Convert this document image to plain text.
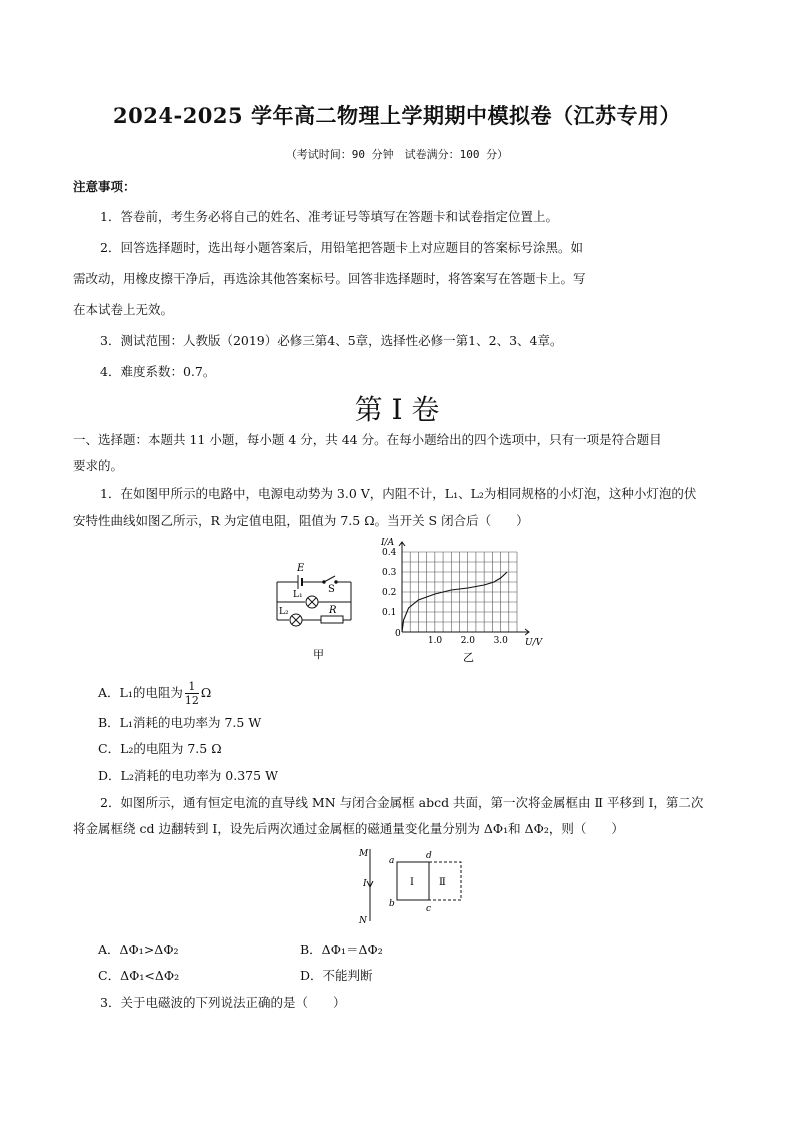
2024-2025 学年高二物理上学期期中模拟卷（江苏专用）
（考试时间：90 分钟　试卷满分：100 分）
注意事项：
1．答卷前，考生务必将自己的姓名、准考证号等填写在答题卡和试卷指定位置上。
2．回答选择题时，选出每小题答案后，用铅笔把答题卡上对应题目的答案标号涂黑。如
需改动，用橡皮擦干净后，再选涂其他答案标号。回答非选择题时，将答案写在答题卡上。写
在本试卷上无效。
3．测试范围：人教版（2019）必修三第4、5章，选择性必修一第1、2、3、4章。
4．难度系数：0.7。
第 I 卷
一、选择题：本题共 11 小题，每小题 4 分，共 44 分。在每小题给出的四个选项中，只有一项是符合题目
要求的。
1．在如图甲所示的电路中，电源电动势为 3.0 V，内阻不计，L₁、L₂为相同规格的小灯泡，这种小灯泡的伏
安特性曲线如图乙所示，R 为定值电阻，阻值为 7.5 Ω。当开关 S 闭合后（　　）
E
S
L₁
L₂	R
甲
1.0 2.0 3.0
0.1
0.2
0.3
0.4
I/A
U/V
0
乙
A．L₁的电阻为 $\frac{1}{12}$ Ω
B．L₁消耗的电功率为 7.5 W
C．L₂的电阻为 7.5 Ω
D．L₂消耗的电功率为 0.375 W
2．如图所示，通有恒定电流的直导线 MN 与闭合金属框 abcd 共面，第一次将金属框由 Ⅱ 平移到 Ⅰ，第二次
将金属框绕 cd 边翻转到 Ⅰ，设先后两次通过金属框的磁通量变化量分别为 ΔΦ₁和 ΔΦ₂，则（　　）
M
I
N
a
b	c
d
Ⅰ	Ⅱ
A．ΔΦ₁>ΔΦ₂	B．ΔΦ₁＝ΔΦ₂
C．ΔΦ₁<ΔΦ₂	D．不能判断
3．关于电磁波的下列说法正确的是（　　）
